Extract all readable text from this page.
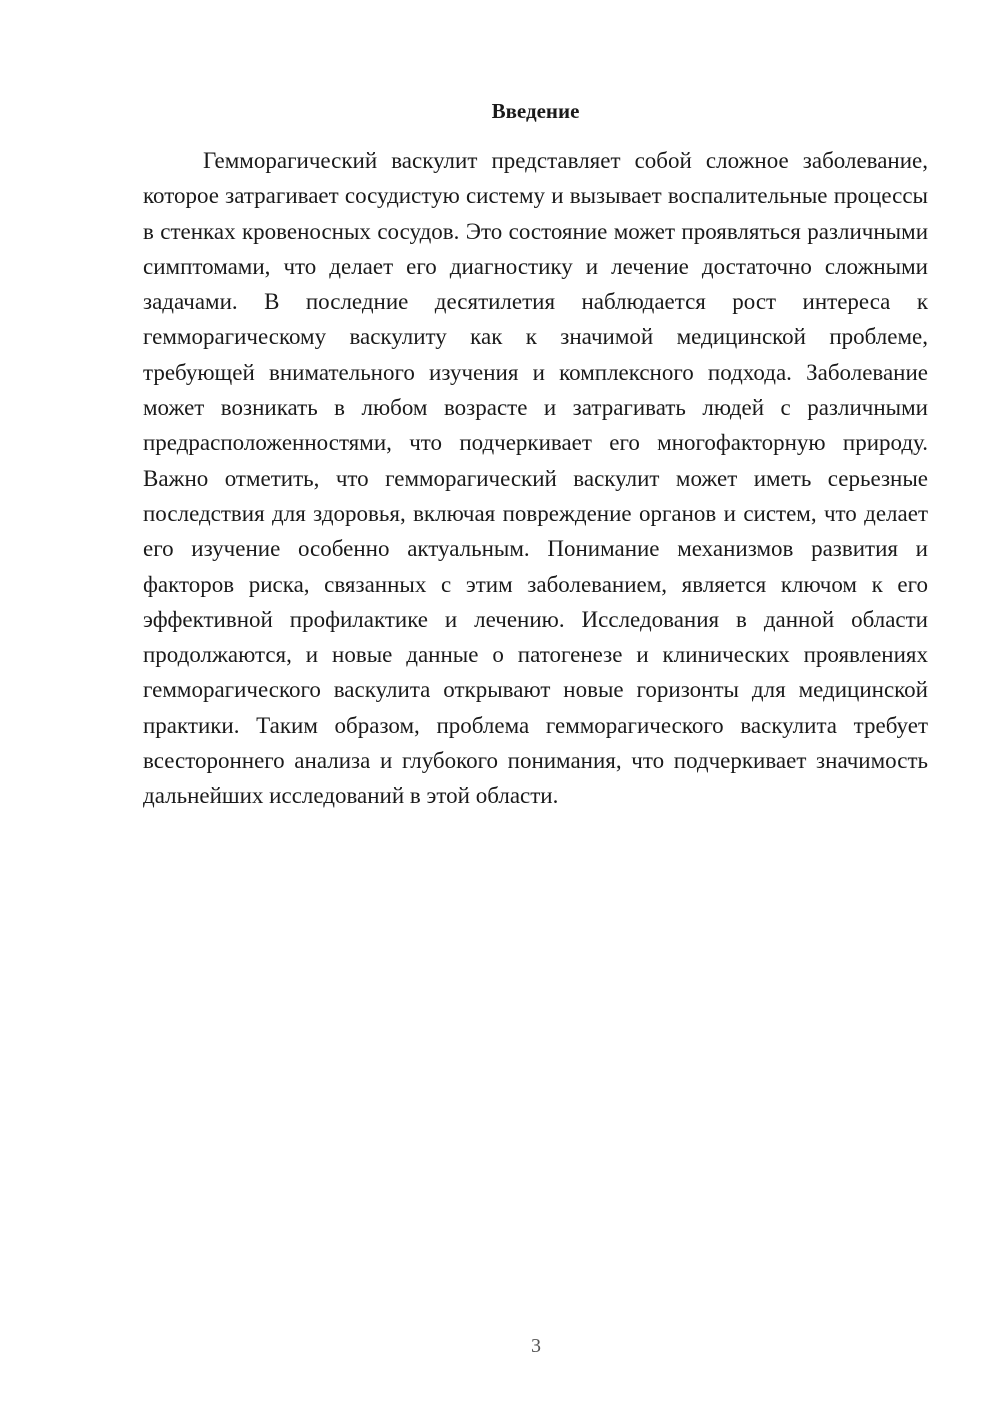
Введение

Гемморагический васкулит представляет собой сложное заболевание, которое затрагивает сосудистую систему и вызывает воспалительные процессы в стенках кровеносных сосудов. Это состояние может проявляться различными симптомами, что делает его диагностику и лечение достаточно сложными задачами. В последние десятилетия наблюдается рост интереса к гемморагическому васкулиту как к значимой медицинской проблеме, требующей внимательного изучения и комплексного подхода. Заболевание может возникать в любом возрасте и затрагивать людей с различными предрасположенностями, что подчеркивает его многофакторную природу. Важно отметить, что гемморагический васкулит может иметь серьезные последствия для здоровья, включая повреждение органов и систем, что делает его изучение особенно актуальным. Понимание механизмов развития и факторов риска, связанных с этим заболеванием, является ключом к его эффективной профилактике и лечению. Исследования в данной области продолжаются, и новые данные о патогенезе и клинических проявлениях гемморагического васкулита открывают новые горизонты для медицинской практики. Таким образом, проблема гемморагического васкулита требует всестороннего анализа и глубокого понимания, что подчеркивает значимость дальнейших исследований в этой области.

3
